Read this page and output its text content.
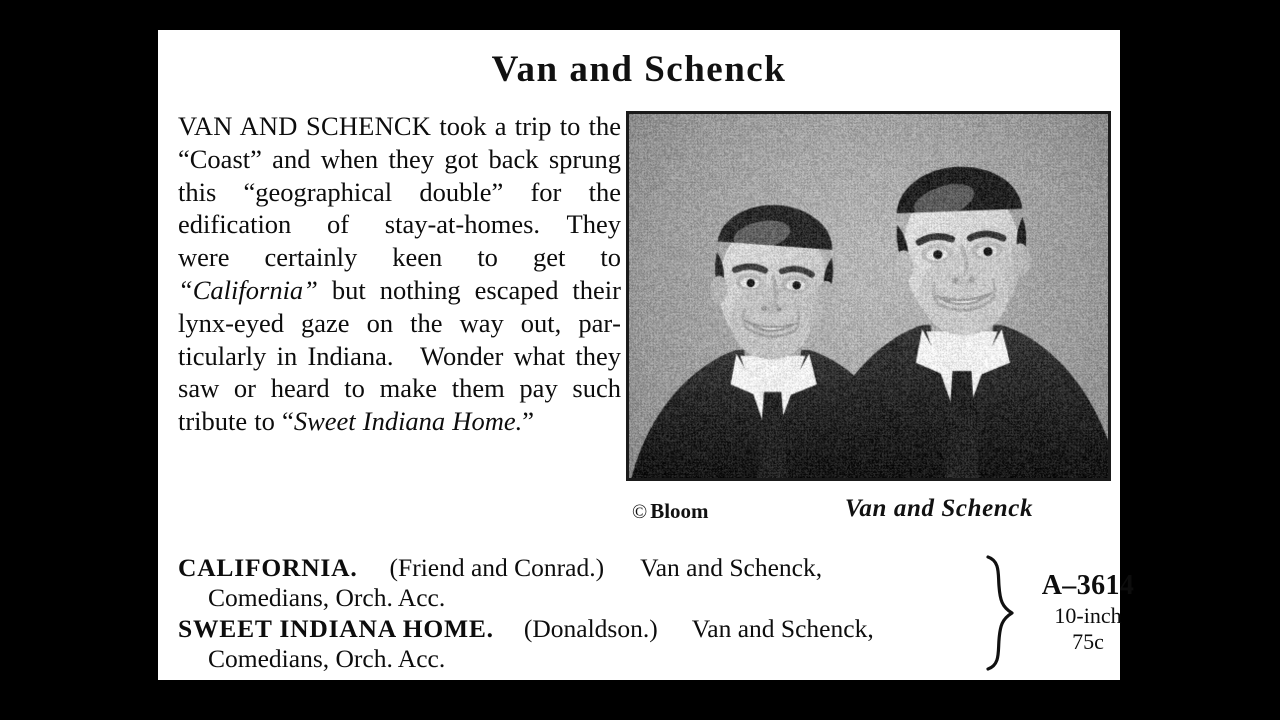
Van and Schenck

VAN AND SCHENCK took a trip to the “Coast” and when they got back sprung this “geographical double” for the edification of stay-at-homes. They were certainly keen to get to “California” but nothing escaped their lynx-eyed gaze on the way out, particularly in Indiana. Wonder what they saw or heard to make them pay such tribute to “Sweet Indiana Home.”

© Bloom	Van and Schenck
CALIFORNIA. (Friend and Conrad.) Van and Schenck,
Comedians, Orch. Acc.
SWEET INDIANA HOME. (Donaldson.) Van and Schenck,
Comedians, Orch. Acc.
A–3614
10-inch
75c
